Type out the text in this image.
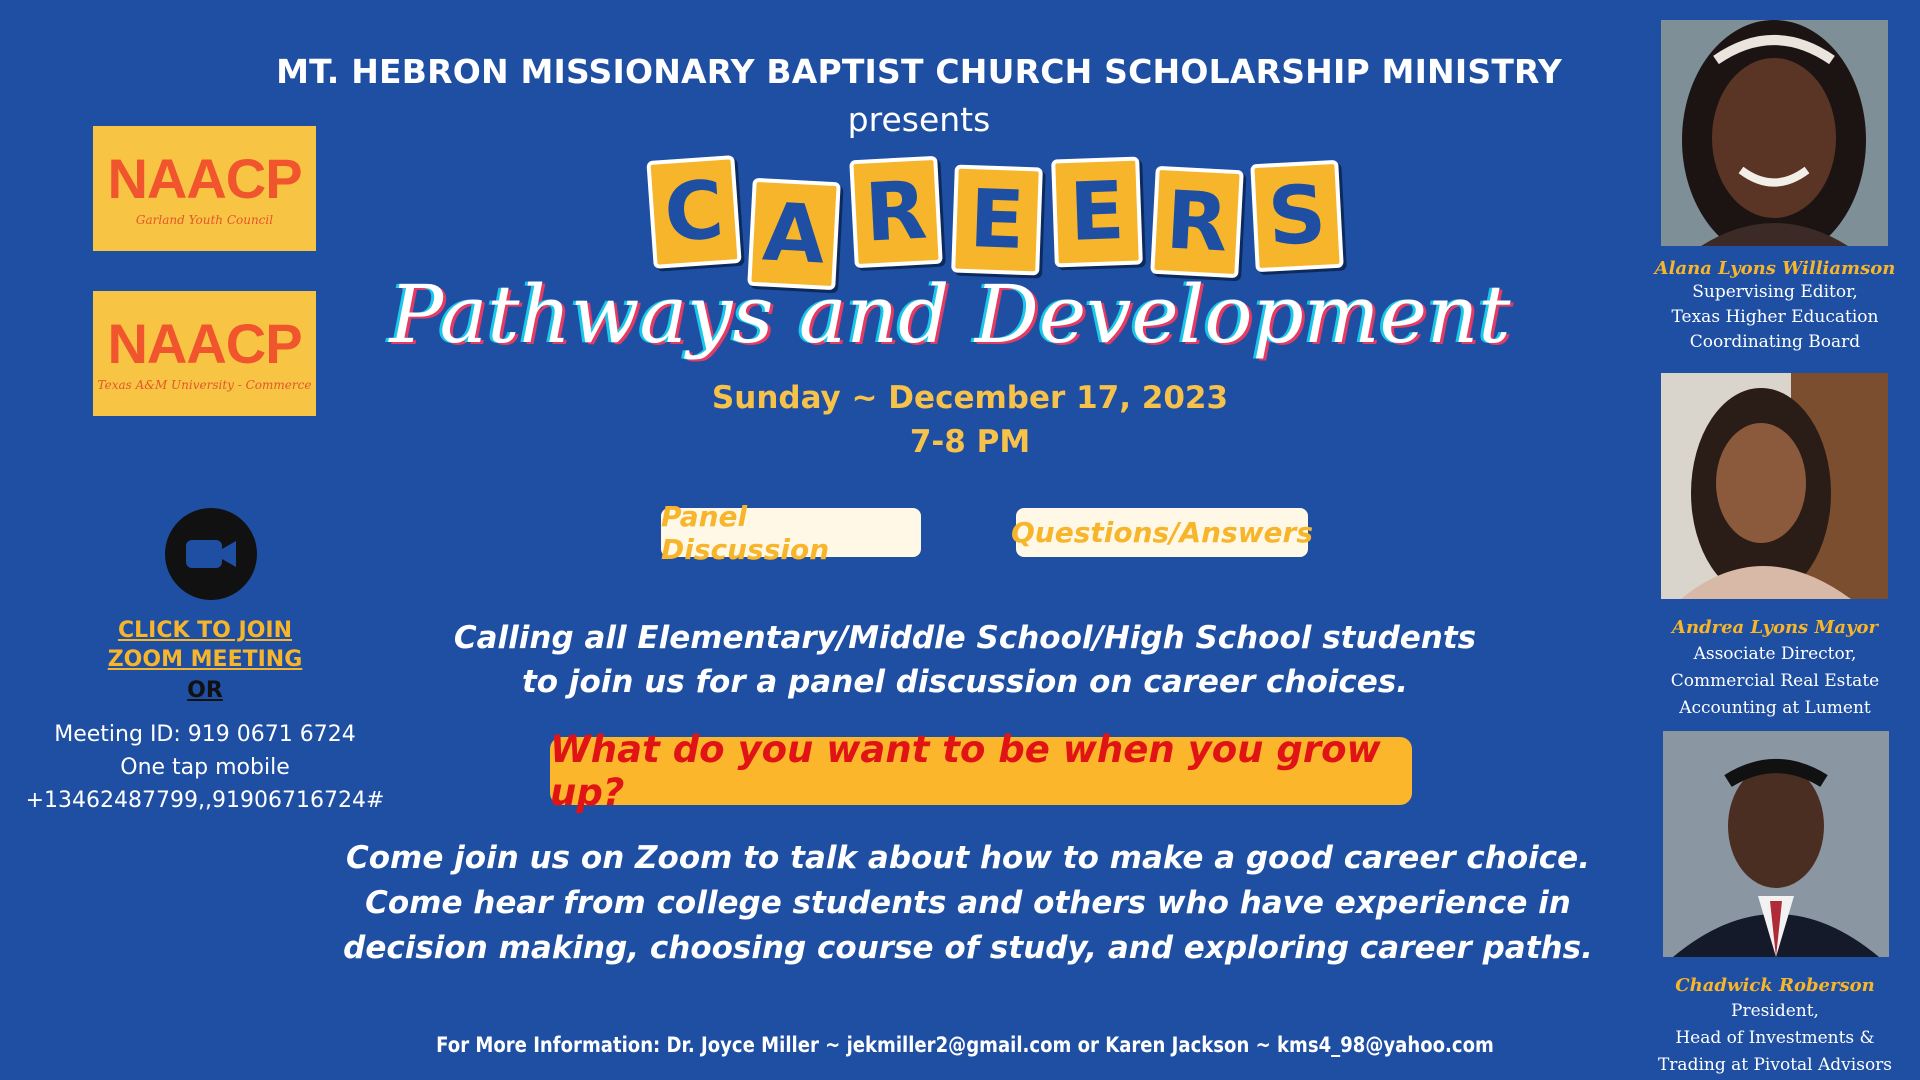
MT. HEBRON MISSIONARY BAPTIST CHURCH SCHOLARSHIP MINISTRY
presents
C A R E E R S
Pathways and Development
Sunday ~ December 17, 2023
7-8 PM
Panel Discussion	Questions/Answers
Calling all Elementary/Middle School/High School students
to join us for a panel discussion on career choices.
What do you want to be when you grow up?
Come join us on Zoom to talk about how to make a good career choice.
Come hear from college students and others who have experience in
decision making, choosing course of study, and exploring career paths.
For More Information: Dr. Joyce Miller ~ jekmiller2@gmail.com or Karen Jackson ~ kms4_98@yahoo.com
NAACP
Garland Youth Council
NAACP
Texas A&M University - Commerce
CLICK TO JOIN
ZOOM MEETING
OR
Meeting ID: 919 0671 6724
One tap mobile
+13462487799,,91906716724#
Alana Lyons Williamson
Supervising Editor,
Texas Higher Education
Coordinating Board
Andrea Lyons Mayor
Associate Director,
Commercial Real Estate
Accounting at Lument
Chadwick Roberson
President,
Head of Investments &
Trading at Pivotal Advisors
